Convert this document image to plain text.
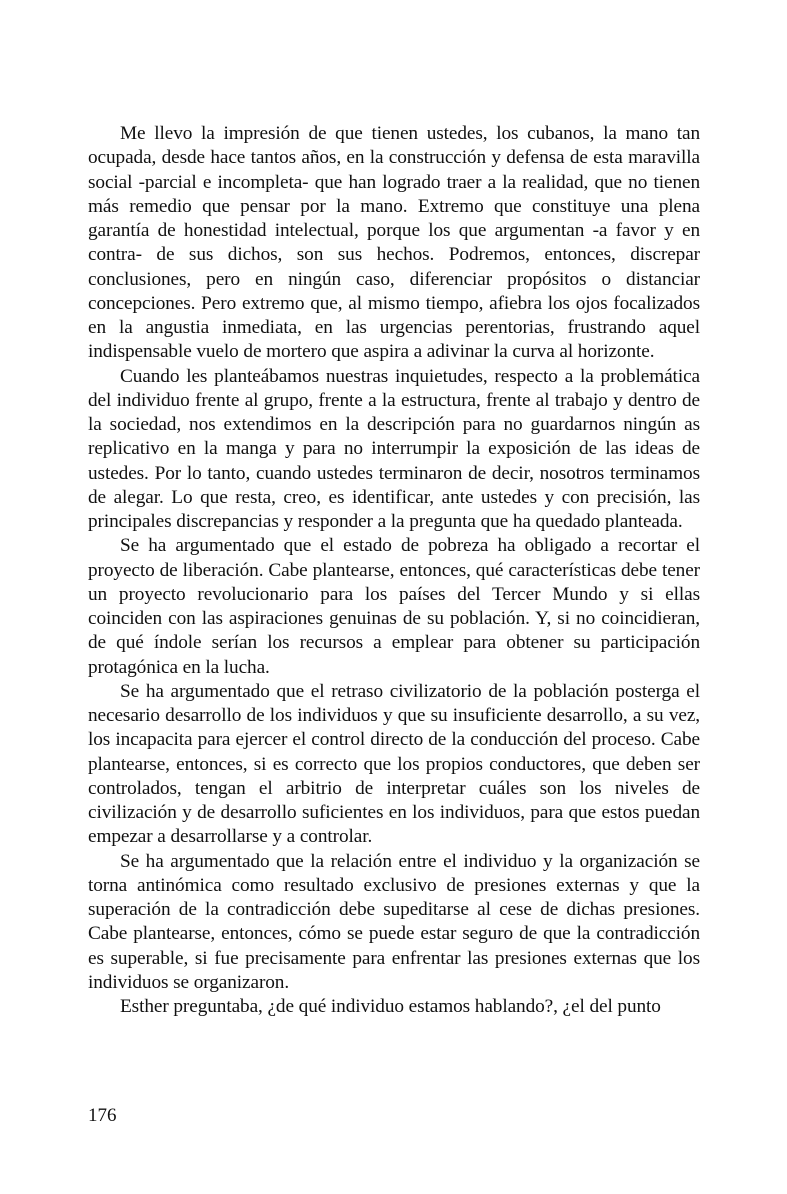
Me llevo la impresión de que tienen ustedes, los cubanos, la mano tan ocupada, desde hace tantos años, en la construcción y defensa de esta maravilla social -parcial e incompleta- que han logrado traer a la realidad, que no tienen más remedio que pensar por la mano. Extremo que constituye una plena garantía de honestidad intelectual, porque los que argumentan -a favor y en contra- de sus dichos, son sus hechos. Podremos, entonces, discrepar conclusiones, pero en ningún caso, diferenciar propósitos o distanciar concepciones. Pero extremo que, al mismo tiempo, afiebra los ojos focalizados en la angustia inmediata, en las urgencias perentorias, frustrando aquel indispensable vuelo de mortero que aspira a adivinar la curva al horizonte.

Cuando les planteábamos nuestras inquietudes, respecto a la problemática del individuo frente al grupo, frente a la estructura, frente al trabajo y dentro de la sociedad, nos extendimos en la descripción para no guardarnos ningún as replicativo en la manga y para no interrumpir la exposición de las ideas de ustedes. Por lo tanto, cuando ustedes terminaron de decir, nosotros terminamos de alegar. Lo que resta, creo, es identificar, ante ustedes y con precisión, las principales discrepancias y responder a la pregunta que ha quedado planteada.

Se ha argumentado que el estado de pobreza ha obligado a recortar el proyecto de liberación. Cabe plantearse, entonces, qué características debe tener un proyecto revolucionario para los países del Tercer Mundo y si ellas coinciden con las aspiraciones genuinas de su población. Y, si no coincidieran, de qué índole serían los recursos a emplear para obtener su participación protagónica en la lucha.

Se ha argumentado que el retraso civilizatorio de la población posterga el necesario desarrollo de los individuos y que su insuficiente desarrollo, a su vez, los incapacita para ejercer el control directo de la conducción del proceso. Cabe plantearse, entonces, si es correcto que los propios conductores, que deben ser controlados, tengan el arbitrio de interpretar cuáles son los niveles de civilización y de desarrollo suficientes en los individuos, para que estos puedan empezar a desarrollarse y a controlar.

Se ha argumentado que la relación entre el individuo y la organización se torna antinómica como resultado exclusivo de presiones externas y que la superación de la contradicción debe supeditarse al cese de dichas presiones. Cabe plantearse, entonces, cómo se puede estar seguro de que la contradicción es superable, si fue precisamente para enfrentar las presiones externas que los individuos se organizaron.

Esther preguntaba, ¿de qué individuo estamos hablando?, ¿el del punto

176
